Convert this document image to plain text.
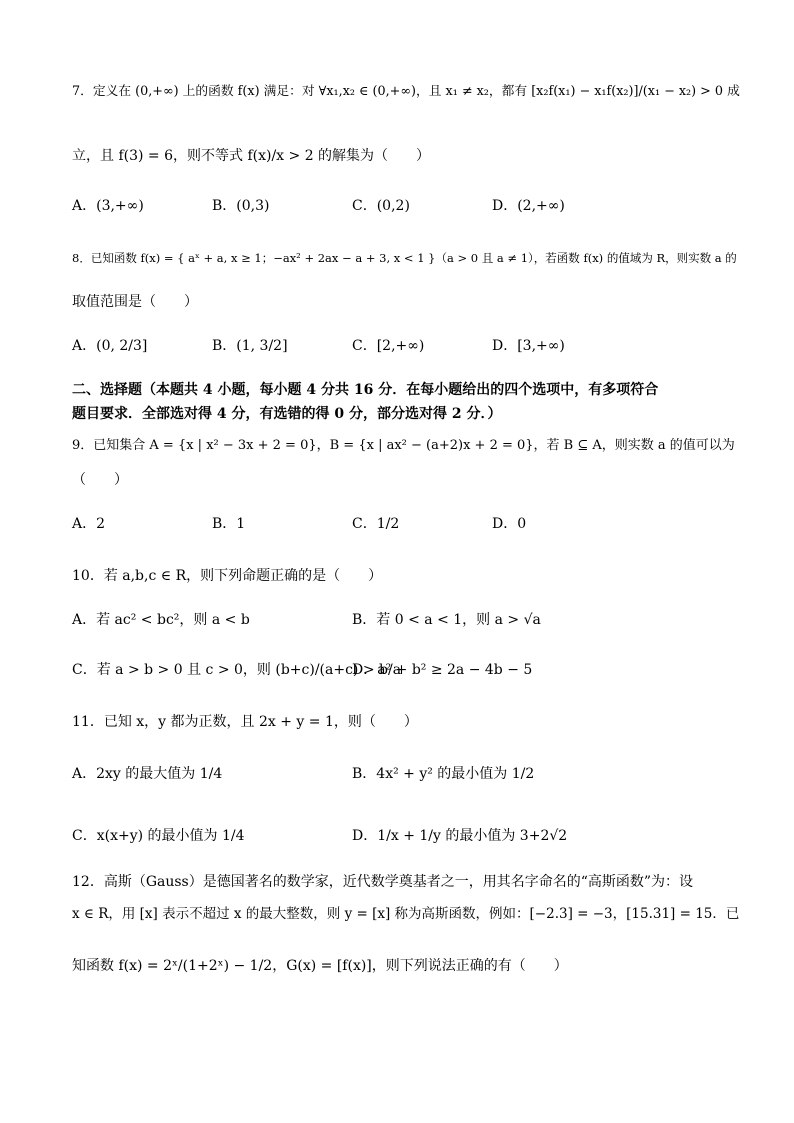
7．定义在 (0,+∞) 上的函数 f(x) 满足：对 ∀x₁,x₂ ∈ (0,+∞)，且 x₁ ≠ x₂，都有 [x₂f(x₁) − x₁f(x₂)]/(x₁ − x₂) > 0 成
立，且 f(3) = 6，则不等式 f(x)/x > 2 的解集为（　　）
A．(3,+∞)	B．(0,3)	C．(0,2)	D．(2,+∞)
8．已知函数 f(x) = { aˣ + a, x ≥ 1；−ax² + 2ax − a + 3, x < 1 }（a > 0 且 a ≠ 1），若函数 f(x) 的值域为 R，则实数 a 的
取值范围是（　　）
A．(0, 2/3]	B．(1, 3/2]	C．[2,+∞)	D．[3,+∞)
二、选择题（本题共 4 小题，每小题 4 分共 16 分．在每小题给出的四个选项中，有多项符合
题目要求．全部选对得 4 分，有选错的得 0 分，部分选对得 2 分．）
9．已知集合 A = {x | x² − 3x + 2 = 0}，B = {x | ax² − (a+2)x + 2 = 0}，若 B ⊆ A，则实数 a 的值可以为
（　　）
A．2	B．1	C．1/2	D．0
10．若 a,b,c ∈ R，则下列命题正确的是（　　）
A．若 ac² < bc²，则 a < b	B．若 0 < a < 1，则 a > √a
C．若 a > b > 0 且 c > 0，则 (b+c)/(a+c) > b/a
D．a² + b² ≥ 2a − 4b − 5
11．已知 x，y 都为正数，且 2x + y = 1，则（　　）
A．2xy 的最大值为 1/4	B．4x² + y² 的最小值为 1/2
C．x(x+y) 的最小值为 1/4	D．1/x + 1/y 的最小值为 3+2√2
12．高斯（Gauss）是德国著名的数学家，近代数学奠基者之一，用其名字命名的“高斯函数”为：设
x ∈ R，用 [x] 表示不超过 x 的最大整数，则 y = [x] 称为高斯函数，例如：[−2.3] = −3，[15.31] = 15．已
知函数 f(x) = 2ˣ/(1+2ˣ) − 1/2，G(x) = [f(x)]，则下列说法正确的有（　　）
